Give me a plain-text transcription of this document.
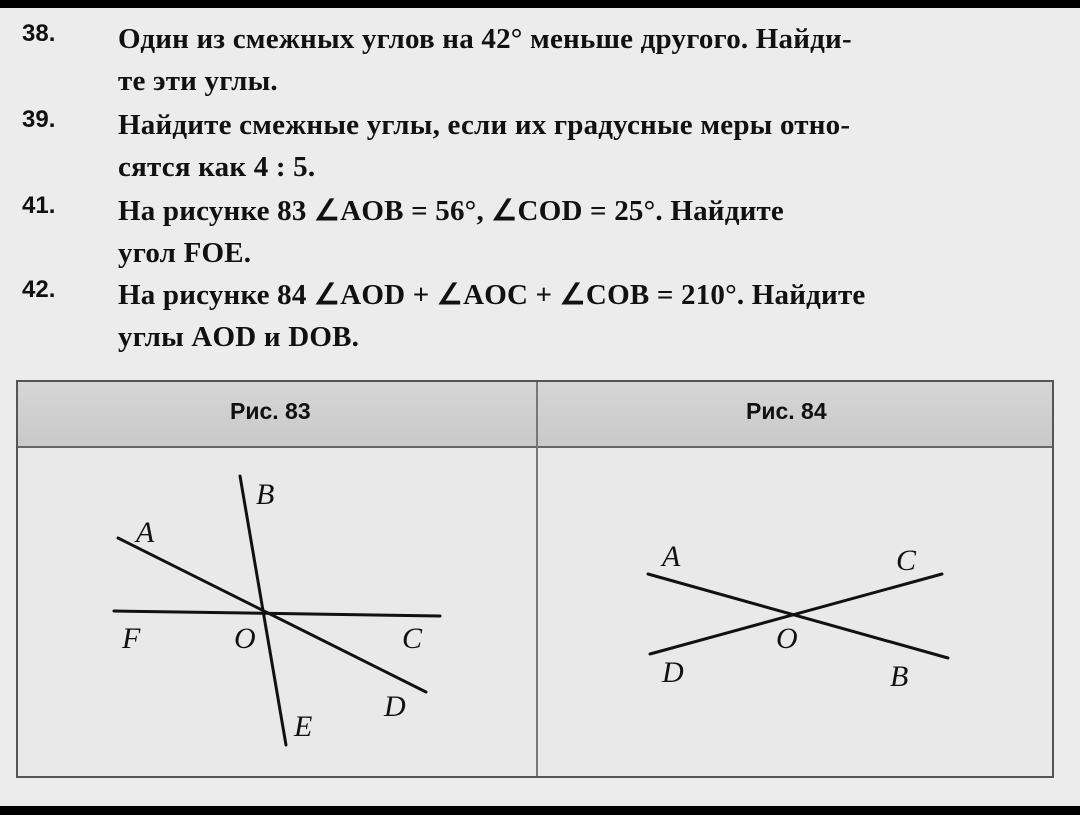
38. Один из смежных углов на 42° меньше другого. Найди-
те эти углы.
39. Найдите смежные углы, если их градусные меры отно-
сятся как 4 : 5.
41. На рисунке 83 ∠AOB = 56°, ∠COD = 25°. Найдите
угол FOE.
42. На рисунке 84 ∠AOD + ∠AOC + ∠COB = 210°. Найдите
углы AOD и DOB.
Рис. 83	Рис. 84
A
B
F	O	C
D
E
A	C
O
D	B
